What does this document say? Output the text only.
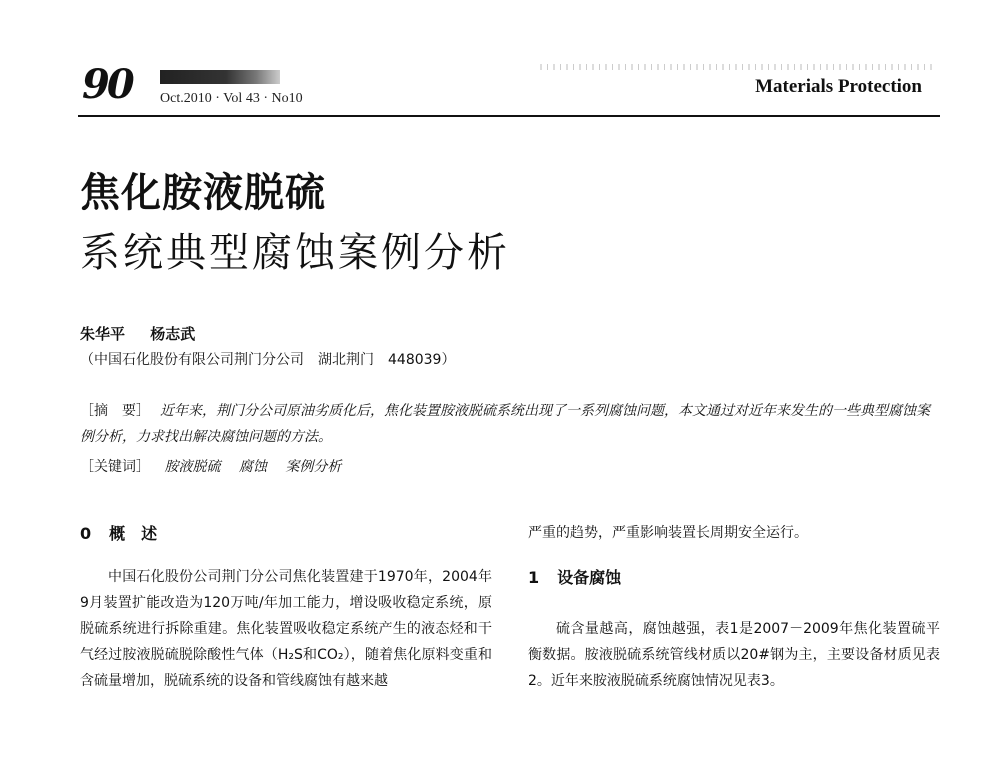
90 Oct.2010 · Vol 43 · No10
Materials Protection
焦化胺液脱硫
系统典型腐蚀案例分析
朱华平 杨志武
（中国石化股份有限公司荆门分公司　湖北荆门　448039）
［摘　要］ 近年来，荆门分公司原油劣质化后，焦化装置胺液脱硫系统出现了一系列腐蚀问题，本文通过对近年来发生的一些典型腐蚀案例分析，力求找出解决腐蚀问题的方法。
［关键词］ 胺液脱硫 腐蚀 案例分析

0 概　述

中国石化股份公司荆门分公司焦化装置建于1970年，2004年9月装置扩能改造为120万吨/年加工能力，增设吸收稳定系统，原脱硫系统进行拆除重建。焦化装置吸收稳定系统产生的液态烃和干气经过胺液脱硫脱除酸性气体（H₂S和CO₂），随着焦化原料变重和含硫量增加，脱硫系统的设备和管线腐蚀有越来越

严重的趋势，严重影响装置长周期安全运行。

1 设备腐蚀

硫含量越高，腐蚀越强，表1是2007－2009年焦化装置硫平衡数据。胺液脱硫系统管线材质以20#钢为主，主要设备材质见表2。近年来胺液脱硫系统腐蚀情况见表3。
